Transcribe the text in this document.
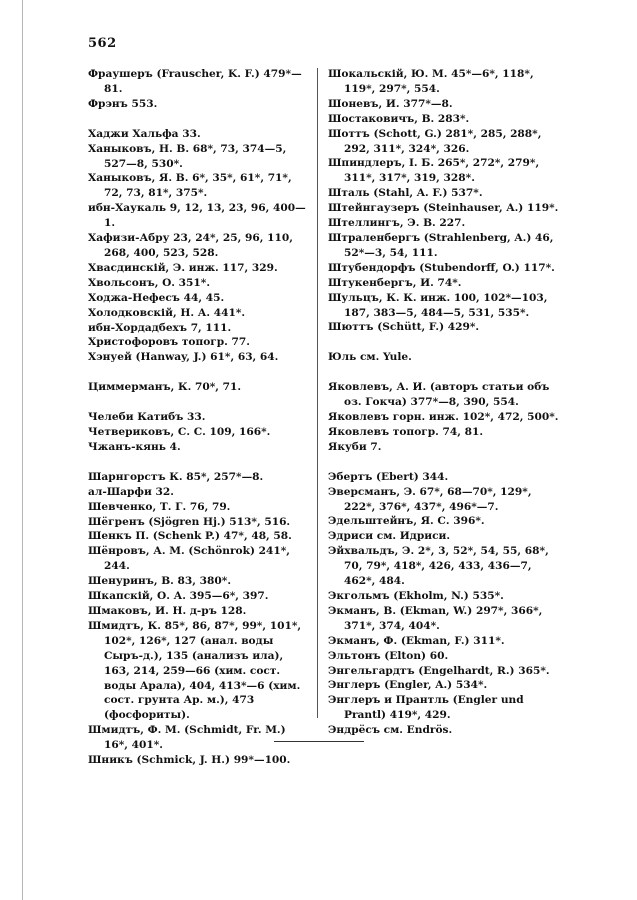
562
Фраушеръ (Frauscher, K. F.) 479*—81.
Фрэнъ 553.
Хаджи Хальфа 33.
Ханыковъ, Н. В. 68*, 73, 374—5, 527—8, 530*.
Ханыковъ, Я. В. 6*, 35*, 61*, 71*, 72, 73, 81*, 375*.
ибн-Хаукаль 9, 12, 13, 23, 96, 400—1.
Хафизи-Абру 23, 24*, 25, 96, 110, 268, 400, 523, 528.
Хвасдинскій, Э. инж. 117, 329.
Хвольсонъ, О. 351*.
Ходжа-Нефесъ 44, 45.
Холодковскій, Н. А. 441*.
ибн-Хордадбехъ 7, 111.
Христофоровъ топогр. 77.
Хэнуей (Hanway, J.) 61*, 63, 64.
Циммерманъ, К. 70*, 71.
Челеби Катибъ 33.
Четвериковъ, С. С. 109, 166*.
Чжанъ-кянь 4.
Шарнгорстъ К. 85*, 257*—8.
ал-Шарфи 32.
Шевченко, Т. Г. 76, 79.
Шёгренъ (Sjögren Hj.) 513*, 516.
Шенкъ П. (Schenk P.) 47*, 48, 58.
Шёнровъ, А. М. (Schönrok) 241*, 244.
Шенуринъ, В. 83, 380*.
Шкапскій, О. А. 395—6*, 397.
Шмаковъ, И. Н. д-ръ 128.
Шмидтъ, К. 85*, 86, 87*, 99*, 101*, 102*, 126*, 127 (анал. воды Сыръ-д.), 135 (анализъ ила), 163, 214, 259—66 (хим. сост. воды Арала), 404, 413*—6 (хим. сост. грунта Ар. м.), 473 (фосфориты).
Шмидтъ, Ф. М. (Schmidt, Fr. M.) 16*, 401*.
Шникъ (Schmick, J. H.) 99*—100.
Шокальскій, Ю. М. 45*—6*, 118*, 119*, 297*, 554.
Шоневъ, И. 377*—8.
Шостаковичъ, В. 283*.
Шоттъ (Schott, G.) 281*, 285, 288*, 292, 311*, 324*, 326.
Шпиндлеръ, І. Б. 265*, 272*, 279*, 311*, 317*, 319, 328*.
Шталь (Stahl, A. F.) 537*.
Штейнгаузеръ (Steinhauser, A.) 119*.
Штеллингъ, Э. В. 227.
Штраленбергъ (Strahlenberg, A.) 46, 52*—3, 54, 111.
Штубендорфъ (Stubendorff, O.) 117*.
Штукенбергъ, И. 74*.
Шульцъ, К. К. инж. 100, 102*—103, 187, 383—5, 484—5, 531, 535*.
Шюттъ (Schütt, F.) 429*.
Юль см. Yule.
Яковлевъ, А. И. (авторъ статьи объ оз. Гокча) 377*—8, 390, 554.
Яковлевъ горн. инж. 102*, 472, 500*.
Яковлевъ топогр. 74, 81.
Якуби 7.
Эбертъ (Ebert) 344.
Эверсманъ, Э. 67*, 68—70*, 129*, 222*, 376*, 437*, 496*—7.
Эдельштейнъ, Я. С. 396*.
Эдриси см. Идриси.
Эйхвальдъ, Э. 2*, 3, 52*, 54, 55, 68*, 70, 79*, 418*, 426, 433, 436—7, 462*, 484.
Экгольмъ (Ekholm, N.) 535*.
Экманъ, В. (Ekman, W.) 297*, 366*, 371*, 374, 404*.
Экманъ, Ф. (Ekman, F.) 311*.
Эльтонъ (Elton) 60.
Энгельгардтъ (Engelhardt, R.) 365*.
Энглеръ (Engler, A.) 534*.
Энглеръ и Прантль (Engler und Prantl) 419*, 429.
Эндрёсъ см. Endrös.
